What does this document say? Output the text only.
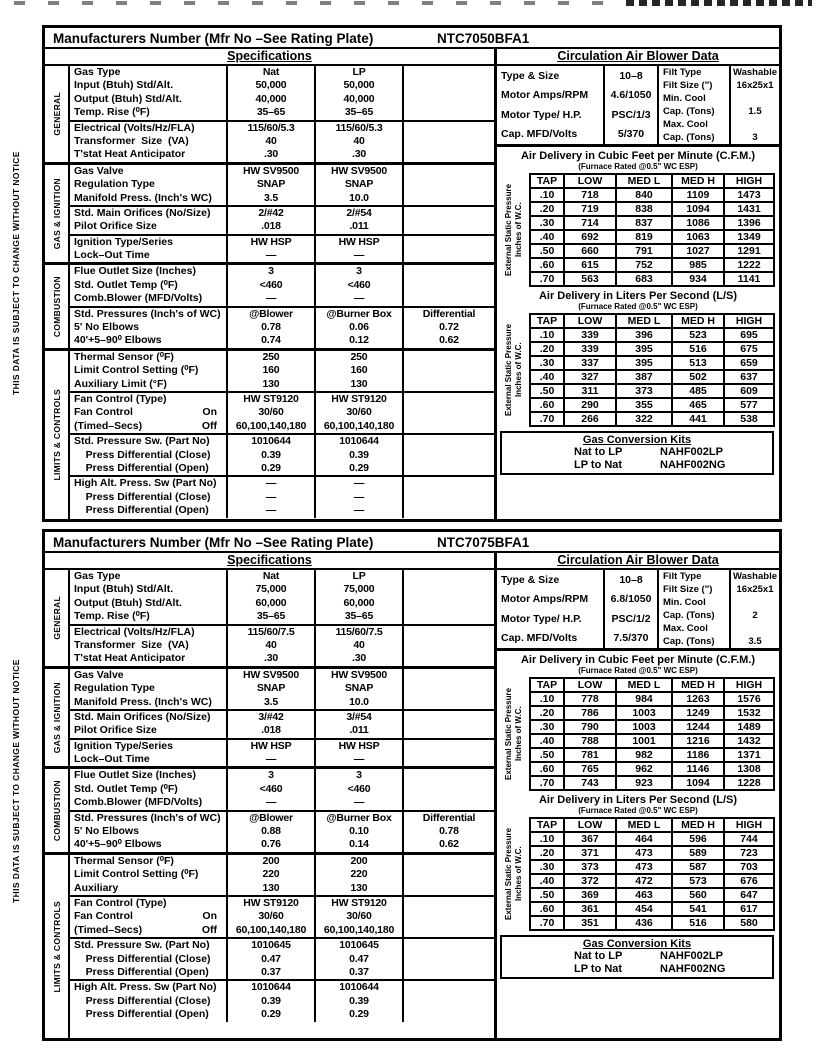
THIS DATA IS SUBJECT TO CHANGE WITHOUT NOTICE
THIS DATA IS SUBJECT TO CHANGE WITHOUT NOTICE
Manufacturers Number (Mfr No –See Rating Plate)	NTC7050BFA1
Specifications
GENERAL
Gas Type	Nat	LP
Input (Btuh) Std/Alt.	50,000	50,000
Output (Btuh) Std/Alt.	40,000	40,000
Temp. Rise (⁰F)	35–65	35–65
Electrical (Volts/Hz/FLA)	115/60/5.3	115/60/5.3
Transformer  Size  (VA)	40	40
T'stat Heat Anticipator	.30	.30
GAS & IGNITION
Gas Valve	HW SV9500	HW SV9500
Regulation Type	SNAP	SNAP
Manifold Press. (Inch's WC)	3.5	10.0
Std. Main Orifices (No/Size)	2/#42	2/#54
Pilot Orifice Size	.018	.011
Ignition Type/Series	HW HSP	HW HSP
Lock–Out Time	—	—
COMBUSTION
Flue Outlet Size (Inches)	3	3
Std. Outlet Temp (⁰F)	<460	<460
Comb.Blower (MFD/Volts)	—	—
Std. Pressures (Inch's of WC)	@Blower	@Burner Box	Differential
5' No Elbows	0.78	0.06	0.72
40'+5–90⁰ Elbows	0.74	0.12	0.62
LIMITS & CONTROLS
Thermal Sensor (⁰F)	250	250
Limit Control Setting (⁰F)	160	160
Auxiliary Limit (°F)	130	130
Fan Control (Type)	HW ST9120	HW ST9120
Fan Control	On	30/60	30/60
(Timed–Secs)	Off	60,100,140,180	60,100,140,180
Std. Pressure Sw. (Part No)	1010644	1010644
Press Differential (Close)	0.39	0.39
Press Differential (Open)	0.29	0.29
High Alt. Press. Sw (Part No)	—	—
Press Differential (Close)	—	—
Press Differential (Open)	—	—
Circulation Air Blower Data
Type & Size	10–8
Motor Amps/RPM	4.6/1050
Motor Type/ H.P.	PSC/1/3
Cap. MFD/Volts	5/370
Filt Type	Washable
Filt Size (")	16x25x1
Min. Cool
Cap. (Tons)	1.5
Max. Cool
Cap. (Tons)	3
Air Delivery in Cubic Feet per Minute (C.F.M.)
(Furnace Rated @0.5" WC ESP)
External Static Pressure Inches of W.C.
TAP	LOW	MED L	MED H	HIGH
.10	718	840	1109	1473
.20	719	838	1094	1431
.30	714	837	1086	1396
.40	692	819	1063	1349
.50	660	791	1027	1291
.60	615	752	985	1222
.70	563	683	934	1141
Air Delivery in Liters Per Second (L/S)
(Furnace Rated @0.5" WC ESP)
External Static Pressure Inches of W.C.
TAP	LOW	MED L	MED H	HIGH
.10	339	396	523	695
.20	339	395	516	675
.30	337	395	513	659
.40	327	387	502	637
.50	311	373	485	609
.60	290	355	465	577
.70	266	322	441	538
Gas Conversion Kits
Nat to LP	NAHF002LP
LP to Nat	NAHF002NG
Manufacturers Number (Mfr No –See Rating Plate)	NTC7075BFA1
Specifications
GENERAL
Gas Type	Nat	LP
Input (Btuh) Std/Alt.	75,000	75,000
Output (Btuh) Std/Alt.	60,000	60,000
Temp. Rise (⁰F)	35–65	35–65
Electrical (Volts/Hz/FLA)	115/60/7.5	115/60/7.5
Transformer  Size  (VA)	40	40
T'stat Heat Anticipator	.30	.30
GAS & IGNITION
Gas Valve	HW SV9500	HW SV9500
Regulation Type	SNAP	SNAP
Manifold Press. (Inch's WC)	3.5	10.0
Std. Main Orifices (No/Size)	3/#42	3/#54
Pilot Orifice Size	.018	.011
Ignition Type/Series	HW HSP	HW HSP
Lock–Out Time	—	—
COMBUSTION
Flue Outlet Size (Inches)	3	3
Std. Outlet Temp (⁰F)	<460	<460
Comb.Blower (MFD/Volts)	—	—
Std. Pressures (Inch's of WC)	@Blower	@Burner Box	Differential
5' No Elbows	0.88	0.10	0.78
40'+5–90⁰ Elbows	0.76	0.14	0.62
LIMITS & CONTROLS
Thermal Sensor (⁰F)	200	200
Limit Control Setting (⁰F)	220	220
Auxiliary	130	130
Fan Control (Type)	HW ST9120	HW ST9120
Fan Control	On	30/60	30/60
(Timed–Secs)	Off	60,100,140,180	60,100,140,180
Std. Pressure Sw. (Part No)	1010645	1010645
Press Differential (Close)	0.47	0.47
Press Differential (Open)	0.37	0.37
High Alt. Press. Sw (Part No)	1010644	1010644
Press Differential (Close)	0.39	0.39
Press Differential (Open)	0.29	0.29
Circulation Air Blower Data
Type & Size	10–8
Motor Amps/RPM	6.8/1050
Motor Type/ H.P.	PSC/1/2
Cap. MFD/Volts	7.5/370
Filt Type	Washable
Filt Size (")	16x25x1
Min. Cool
Cap. (Tons)	2
Max. Cool
Cap. (Tons)	3.5
Air Delivery in Cubic Feet per Minute (C.F.M.)
(Furnace Rated @0.5" WC ESP)
External Static Pressure Inches of W.C.
TAP	LOW	MED L	MED H	HIGH
.10	778	984	1263	1576
.20	786	1003	1249	1532
.30	790	1003	1244	1489
.40	788	1001	1216	1432
.50	781	982	1186	1371
.60	765	962	1146	1308
.70	743	923	1094	1228
Air Delivery in Liters Per Second (L/S)
(Furnace Rated @0.5" WC ESP)
External Static Pressure Inches of W.C.
TAP	LOW	MED L	MED H	HIGH
.10	367	464	596	744
.20	371	473	589	723
.30	373	473	587	703
.40	372	472	573	676
.50	369	463	560	647
.60	361	454	541	617
.70	351	436	516	580
Gas Conversion Kits
Nat to LP	NAHF002LP
LP to Nat	NAHF002NG
